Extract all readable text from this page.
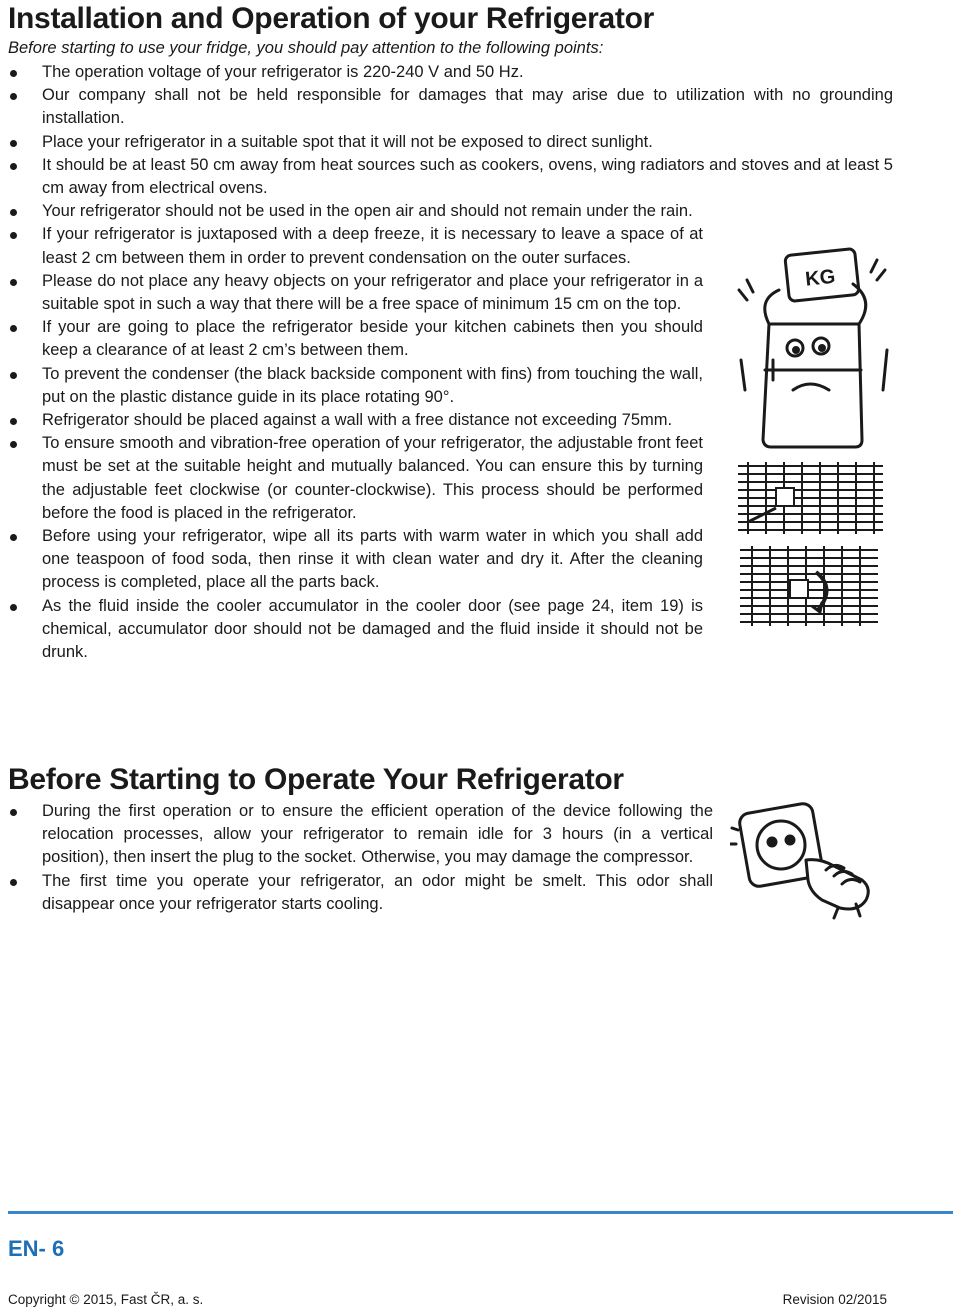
Installation and Operation of your Refrigerator

Before starting to use your fridge, you should pay attention to the following points:

The operation voltage of your refrigerator is 220-240 V and 50 Hz.
Our company shall not be held responsible for damages that may arise due to utilization with no grounding installation.
Place your refrigerator in a suitable spot that it will not be exposed to direct sunlight.
It should be at least 50 cm away from heat sources such as cookers, ovens, wing radiators and stoves and at least 5 cm away from electrical ovens.
Your refrigerator should not be used in the open air and should not remain under the rain.
If your refrigerator is juxtaposed with a deep freeze, it is necessary to leave a space of at least 2 cm between them in order to prevent condensation on the outer surfaces.
Please do not place any heavy objects on your refrigerator and place your refrigerator in a suitable spot in such a way that there will be a free space of minimum 15 cm on the top.
If your are going to place the refrigerator beside your kitchen cabinets then you should keep a clearance of at least 2 cm’s between them.
To prevent the condenser (the black backside component with fins) from touching the wall, put on the plastic distance guide in its place rotating 90°.
Refrigerator should be placed against a wall with a free distance not exceeding 75mm.
To ensure smooth and vibration-free operation of your refrigerator, the adjustable front feet must be set at the suitable height and mutually balanced. You can ensure this by turning the adjustable feet clockwise (or counter-clockwise). This process should be performed before the food is placed in the refrigerator.
Before using your refrigerator, wipe all its parts with warm water in which you shall add one teaspoon of food soda, then rinse it with clean water and dry it. After the cleaning process is completed, place all the parts back.
As the fluid inside the cooler accumulator in the cooler door (see page 24, item 19) is chemical, accumulator door should not be damaged and the fluid inside it should not be drunk.
KG
Before Starting to Operate Your Refrigerator
During the first operation or to ensure the efficient operation of the device following the relocation processes, allow your refrigerator to remain idle for 3 hours (in a vertical position), then insert the plug to the socket. Otherwise, you may damage the compressor.
The first time you operate your refrigerator, an odor might be smelt. This odor shall disappear once your refrigerator starts cooling.
EN- 6
Copyright © 2015, Fast ČR, a. s.	Revision 02/2015
